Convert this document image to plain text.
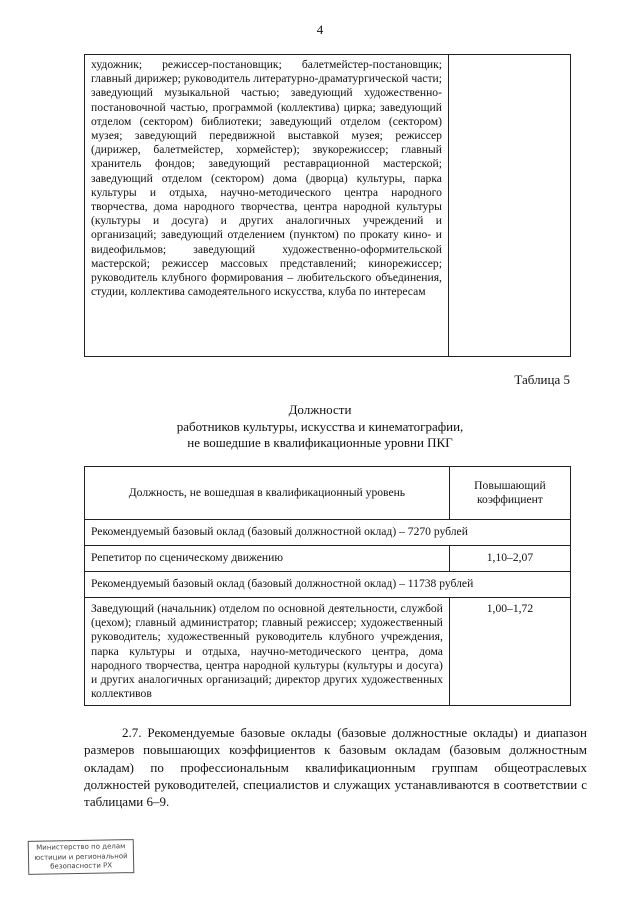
4
художник; режиссер-постановщик; балетмейстер-постановщик; главный дирижер; руководитель литературно-драматургической части; заведующий музыкальной частью; заведующий художественно-постановочной частью, программой (коллектива) цирка; заведующий отделом (сектором) библиотеки; заведующий отделом (сектором) музея; заведующий передвижной выставкой музея; режиссер (дирижер, балетмейстер, хормейстер); звукорежиссер; главный хранитель фондов; заведующий реставрационной мастерской; заведующий отделом (сектором) дома (дворца) культуры, парка культуры и отдыха, научно-методического центра народного творчества, дома народного творчества, центра народной культуры (культуры и досуга) и других аналогичных учреждений и организаций; заведующий отделением (пунктом) по прокату кино- и видеофильмов; заведующий художественно-оформительской мастерской; режиссер массовых представлений; кинорежиссер; руководитель клубного формирования – любительского объединения, студии, коллектива самодеятельного искусства, клуба по интересам	
Таблица 5
Должности
работников культуры, искусства и кинематографии,
не вошедшие в квалификационные уровни ПКГ
Должность, не вошедшая в квалификационный уровень	Повышающий коэффициент
Рекомендуемый базовый оклад (базовый должностной оклад) – 7270 рублей	
Репетитор по сценическому движению	1,10–2,07
Рекомендуемый базовый оклад (базовый должностной оклад) – 11738 рублей	
Заведующий (начальник) отделом по основной деятельности, службой (цехом); главный администратор; главный режиссер; художественный руководитель; художественный руководитель клубного учреждения, парка культуры и отдыха, научно-методического центра, дома народного творчества, центра народной культуры (культуры и досуга) и других аналогичных организаций; директор других художественных коллективов	1,00–1,72
2.7. Рекомендуемые базовые оклады (базовые должностные оклады) и диапазон размеров повышающих коэффициентов к базовым окладам (базовым должностным окладам) по профессиональным квалификационным группам общеотраслевых должностей руководителей, специалистов и служащих устанавливаются в соответствии с таблицами 6–9.
Министерство по делам
юстиции и региональной
безопасности РХ
